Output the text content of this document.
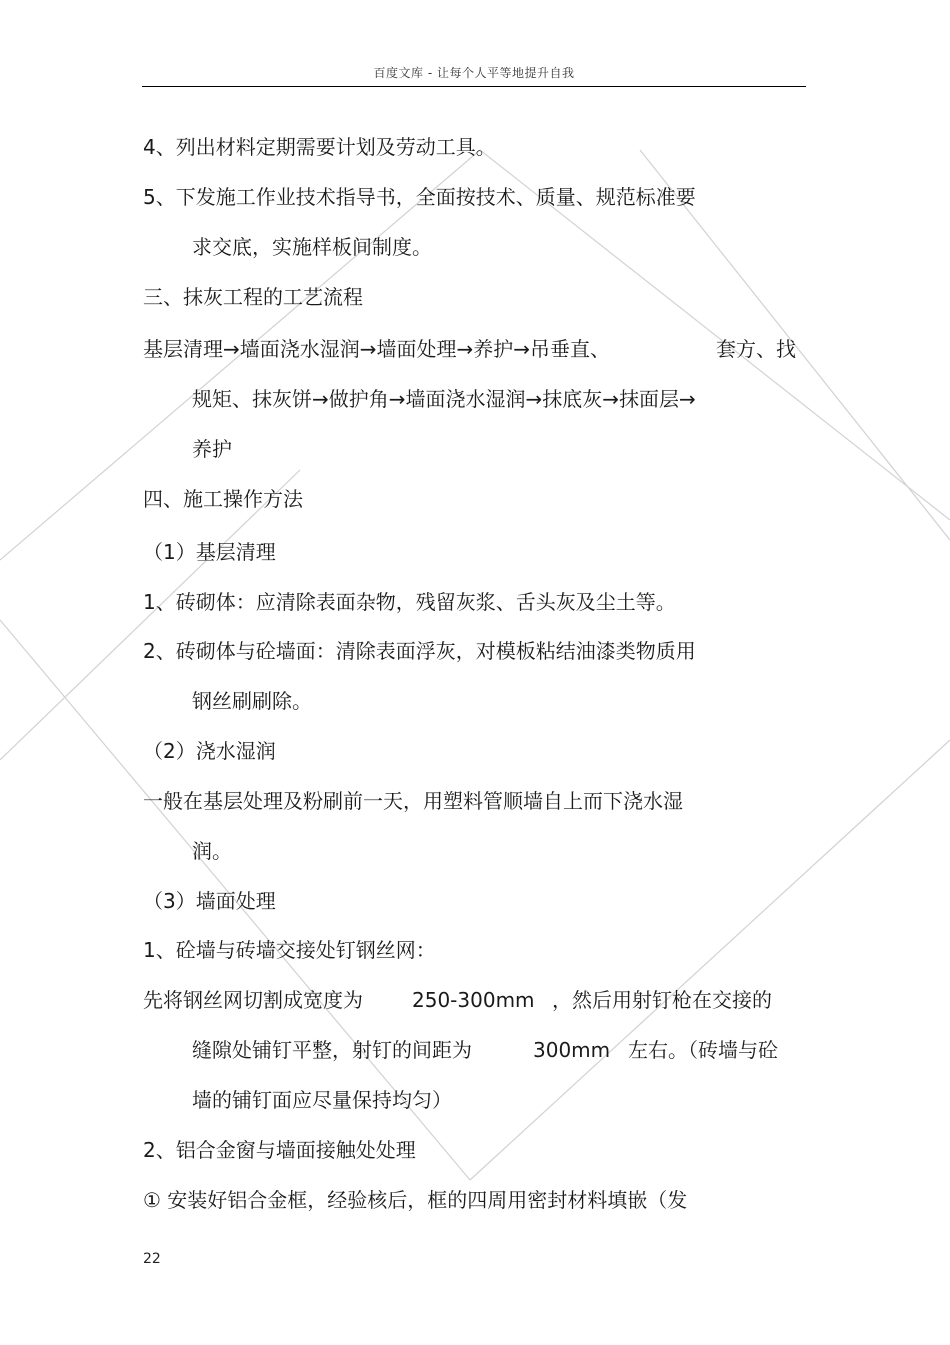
百度文库 - 让每个人平等地提升自我
4、列出材料定期需要计划及劳动工具。
5、下发施工作业技术指导书，全面按技术、质量、规范标准要
求交底，实施样板间制度。
三、抹灰工程的工艺流程
基层清理→墙面浇水湿润→墙面处理→养护→吊垂直、	套方、找
规矩、抹灰饼→做护角→墙面浇水湿润→抹底灰→抹面层→
养护
四、施工操作方法
（1）基层清理
1、砖砌体：应清除表面杂物，残留灰浆、舌头灰及尘土等。
2、砖砌体与砼墙面：清除表面浮灰，对模板粘结油漆类物质用
钢丝刷刷除。
（2）浇水湿润
一般在基层处理及粉刷前一天，用塑料管顺墙自上而下浇水湿
润。
（3）墙面处理
1、砼墙与砖墙交接处钉钢丝网：
先将钢丝网切割成宽度为 250-300mm ，然后用射钉枪在交接的
缝隙处铺钉平整，射钉的间距为	300mm 左右。（砖墙与砼
墙的铺钉面应尽量保持均匀）
2、铝合金窗与墙面接触处处理
① 安装好铝合金框，经验核后，框的四周用密封材料填嵌（发
22
